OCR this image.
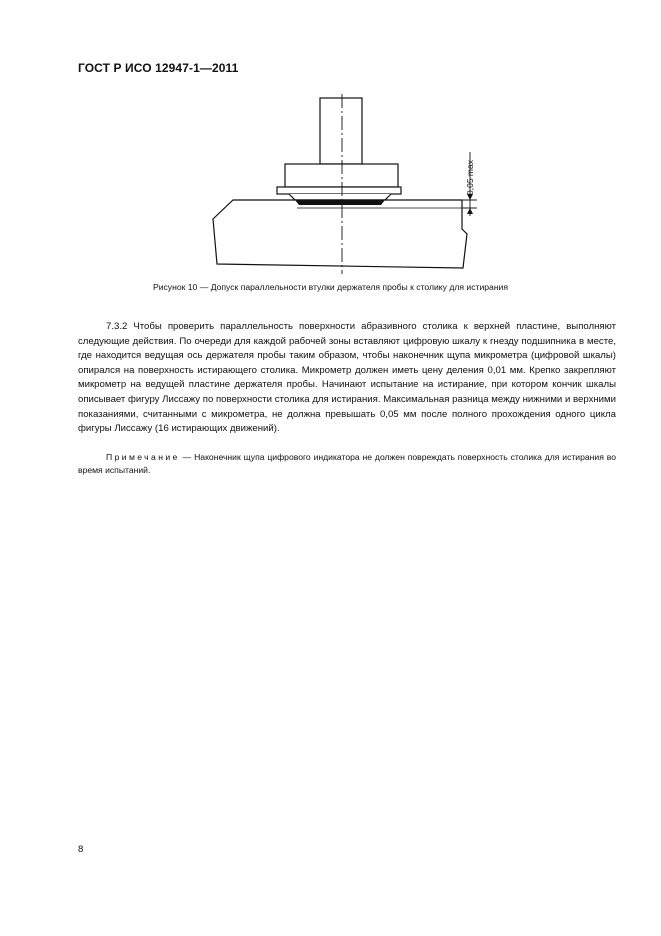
ГОСТ Р ИСО 12947-1—2011
0,05 max
Рисунок 10 — Допуск параллельности втулки держателя пробы к столику для истирания

7.3.2 Чтобы проверить параллельность поверхности абразивного столика к верхней пластине, выполняют следующие действия. По очереди для каждой рабочей зоны вставляют цифровую шкалу к гнезду подшипника в месте, где находится ведущая ось держателя пробы таким образом, чтобы наконечник щупа микрометра (цифровой шкалы) опирался на поверхность истирающего столика. Микрометр должен иметь цену деления 0,01 мм. Крепко закрепляют микрометр на ведущей пластине держателя пробы. Начинают испытание на истирание, при котором кончик шкалы описывает фигуру Лиссажу по поверхности столика для истирания. Максимальная разница между нижними и верхними показаниями, считанными с микрометра, не должна превышать 0,05 мм после полного прохождения одного цикла фигуры Лиссажу (16 истирающих движений).

Примечание — Наконечник щупа цифрового индикатора не должен повреждать поверхность столика для истирания во время испытаний.

8
